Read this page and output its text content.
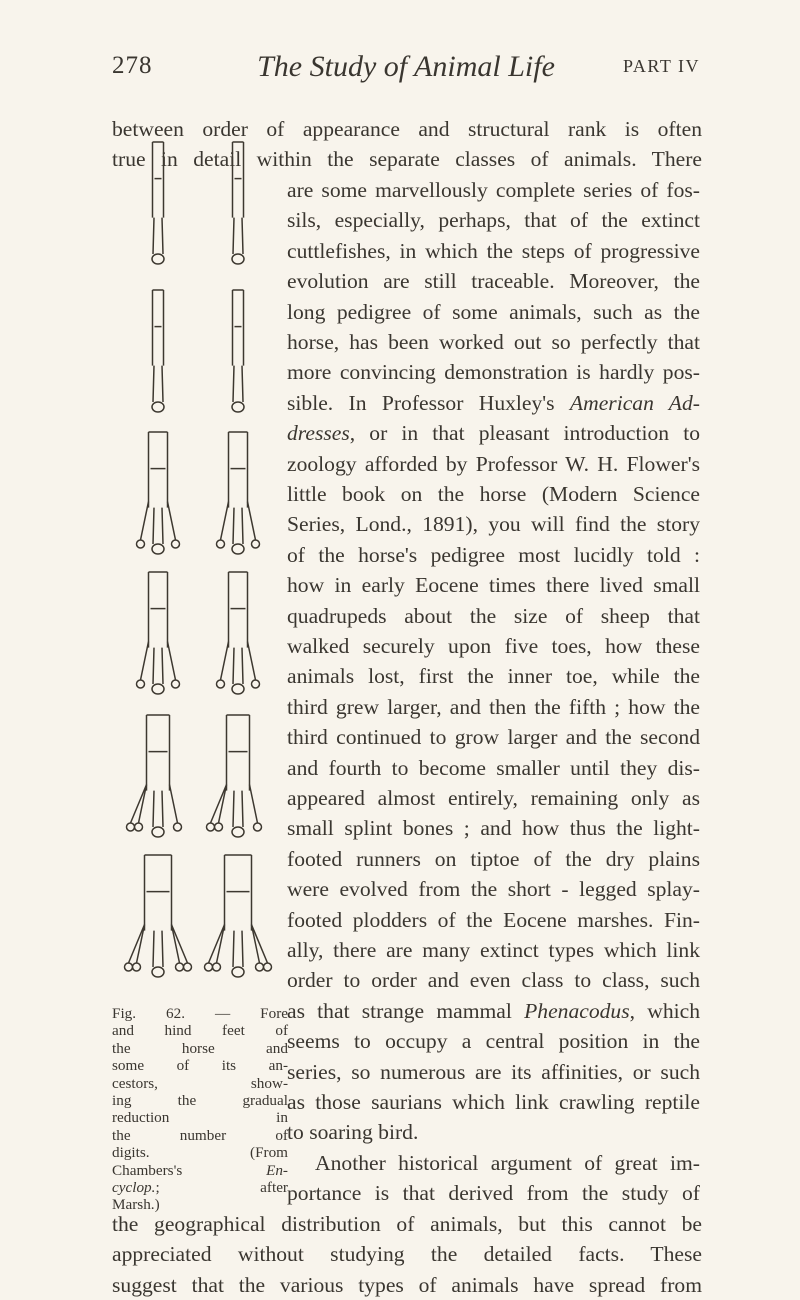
278	The Study of Animal Life	PART IV
between order of appearance and structural rank is often
true in detail within the separate classes of animals. There
Fig. 62. — Fore
and hind feet of
the horse and
some of its an-
cestors, show-
ing the gradual
reduction in
the number of
digits. (From
Chambers's En-
cyclop.; after
Marsh.)
are some marvellously complete series of fos-
sils, especially, perhaps, that of the extinct
cuttlefishes, in which the steps of progressive
evolution are still traceable. Moreover, the
long pedigree of some animals, such as the
horse, has been worked out so perfectly that
more convincing demonstration is hardly pos-
sible. In Professor Huxley's American Ad-
dresses, or in that pleasant introduction to
zoology afforded by Professor W. H. Flower's
little book on the horse (Modern Science
Series, Lond., 1891), you will find the story
of the horse's pedigree most lucidly told :
how in early Eocene times there lived small
quadrupeds about the size of sheep that
walked securely upon five toes, how these
animals lost, first the inner toe, while the
third grew larger, and then the fifth ; how the
third continued to grow larger and the second
and fourth to become smaller until they dis-
appeared almost entirely, remaining only as
small splint bones ; and how thus the light-
footed runners on tiptoe of the dry plains
were evolved from the short - legged splay-
footed plodders of the Eocene marshes. Fin-
ally, there are many extinct types which link
order to order and even class to class, such
as that strange mammal Phenacodus, which
seems to occupy a central position in the
series, so numerous are its affinities, or such
as those saurians which link crawling reptile
to soaring bird.
Another historical argument of great im-
portance is that derived from the study of
the geographical distribution of animals, but this cannot be
appreciated without studying the detailed facts. These
suggest that the various types of animals have spread from
